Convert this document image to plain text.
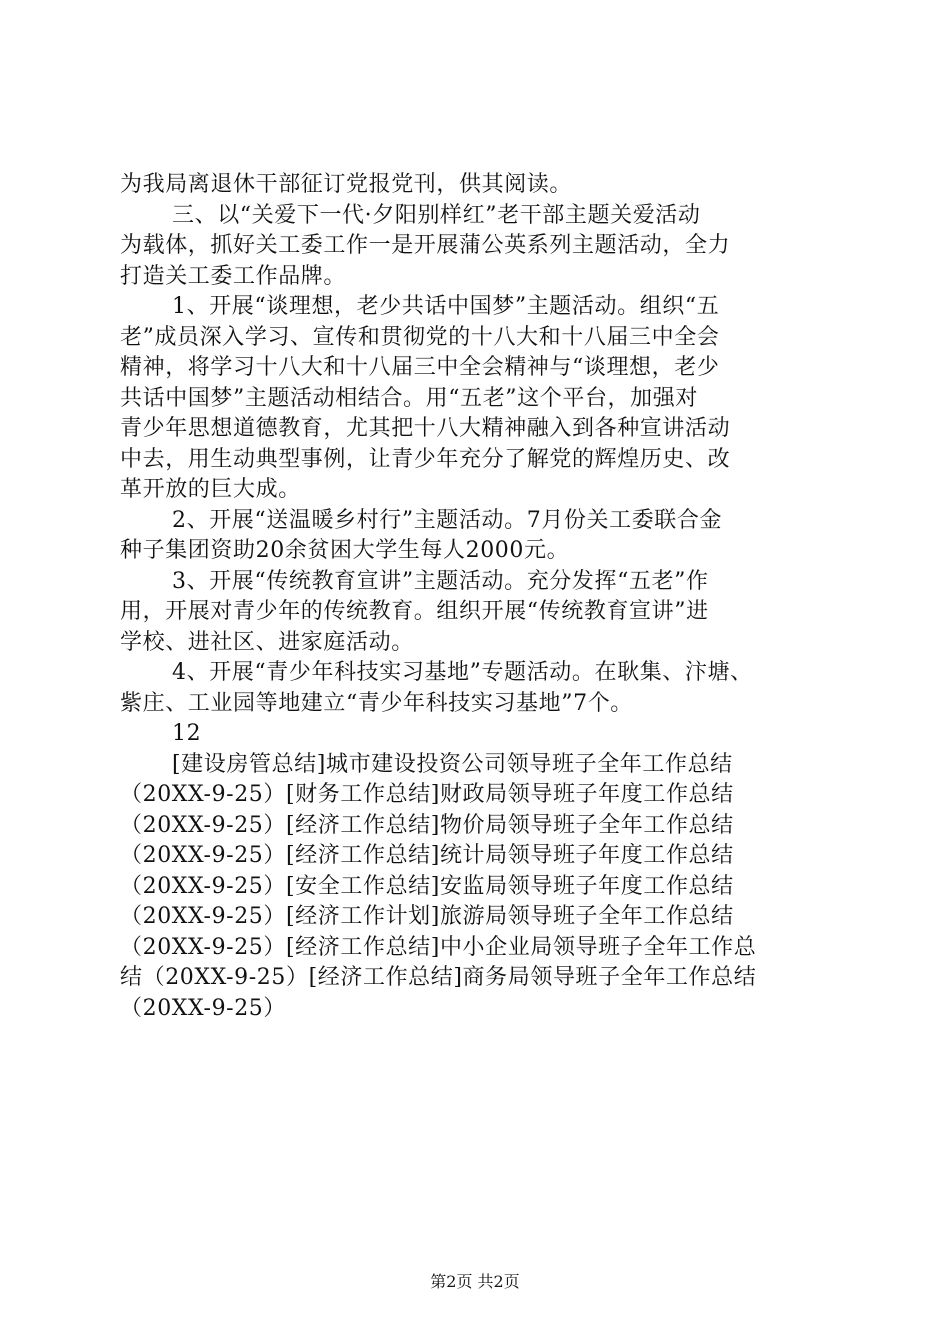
为我局离退休干部征订党报党刊，供其阅读。
三、以“关爱下一代·夕阳别样红”老干部主题关爱活动
为载体，抓好关工委工作一是开展蒲公英系列主题活动，全力
打造关工委工作品牌。
1、开展“谈理想，老少共话中国梦”主题活动。组织“五
老”成员深入学习、宣传和贯彻党的十八大和十八届三中全会
精神，将学习十八大和十八届三中全会精神与“谈理想，老少
共话中国梦”主题活动相结合。用“五老”这个平台，加强对
青少年思想道德教育，尤其把十八大精神融入到各种宣讲活动
中去，用生动典型事例，让青少年充分了解党的辉煌历史、改
革开放的巨大成。
2、开展“送温暖乡村行”主题活动。7月份关工委联合金
种子集团资助20余贫困大学生每人2000元。
3、开展“传统教育宣讲”主题活动。充分发挥“五老”作
用，开展对青少年的传统教育。组织开展“传统教育宣讲”进
学校、进社区、进家庭活动。
4、开展“青少年科技实习基地”专题活动。在耿集、汴塘、
紫庄、工业园等地建立“青少年科技实习基地”7个。
12
[建设房管总结]城市建设投资公司领导班子全年工作总结
（20XX-9-25）[财务工作总结]财政局领导班子年度工作总结
（20XX-9-25）[经济工作总结]物价局领导班子全年工作总结
（20XX-9-25）[经济工作总结]统计局领导班子年度工作总结
（20XX-9-25）[安全工作总结]安监局领导班子年度工作总结
（20XX-9-25）[经济工作计划]旅游局领导班子全年工作总结
（20XX-9-25）[经济工作总结]中小企业局领导班子全年工作总
结（20XX-9-25）[经济工作总结]商务局领导班子全年工作总结
（20XX-9-25）
第2页 共2页
